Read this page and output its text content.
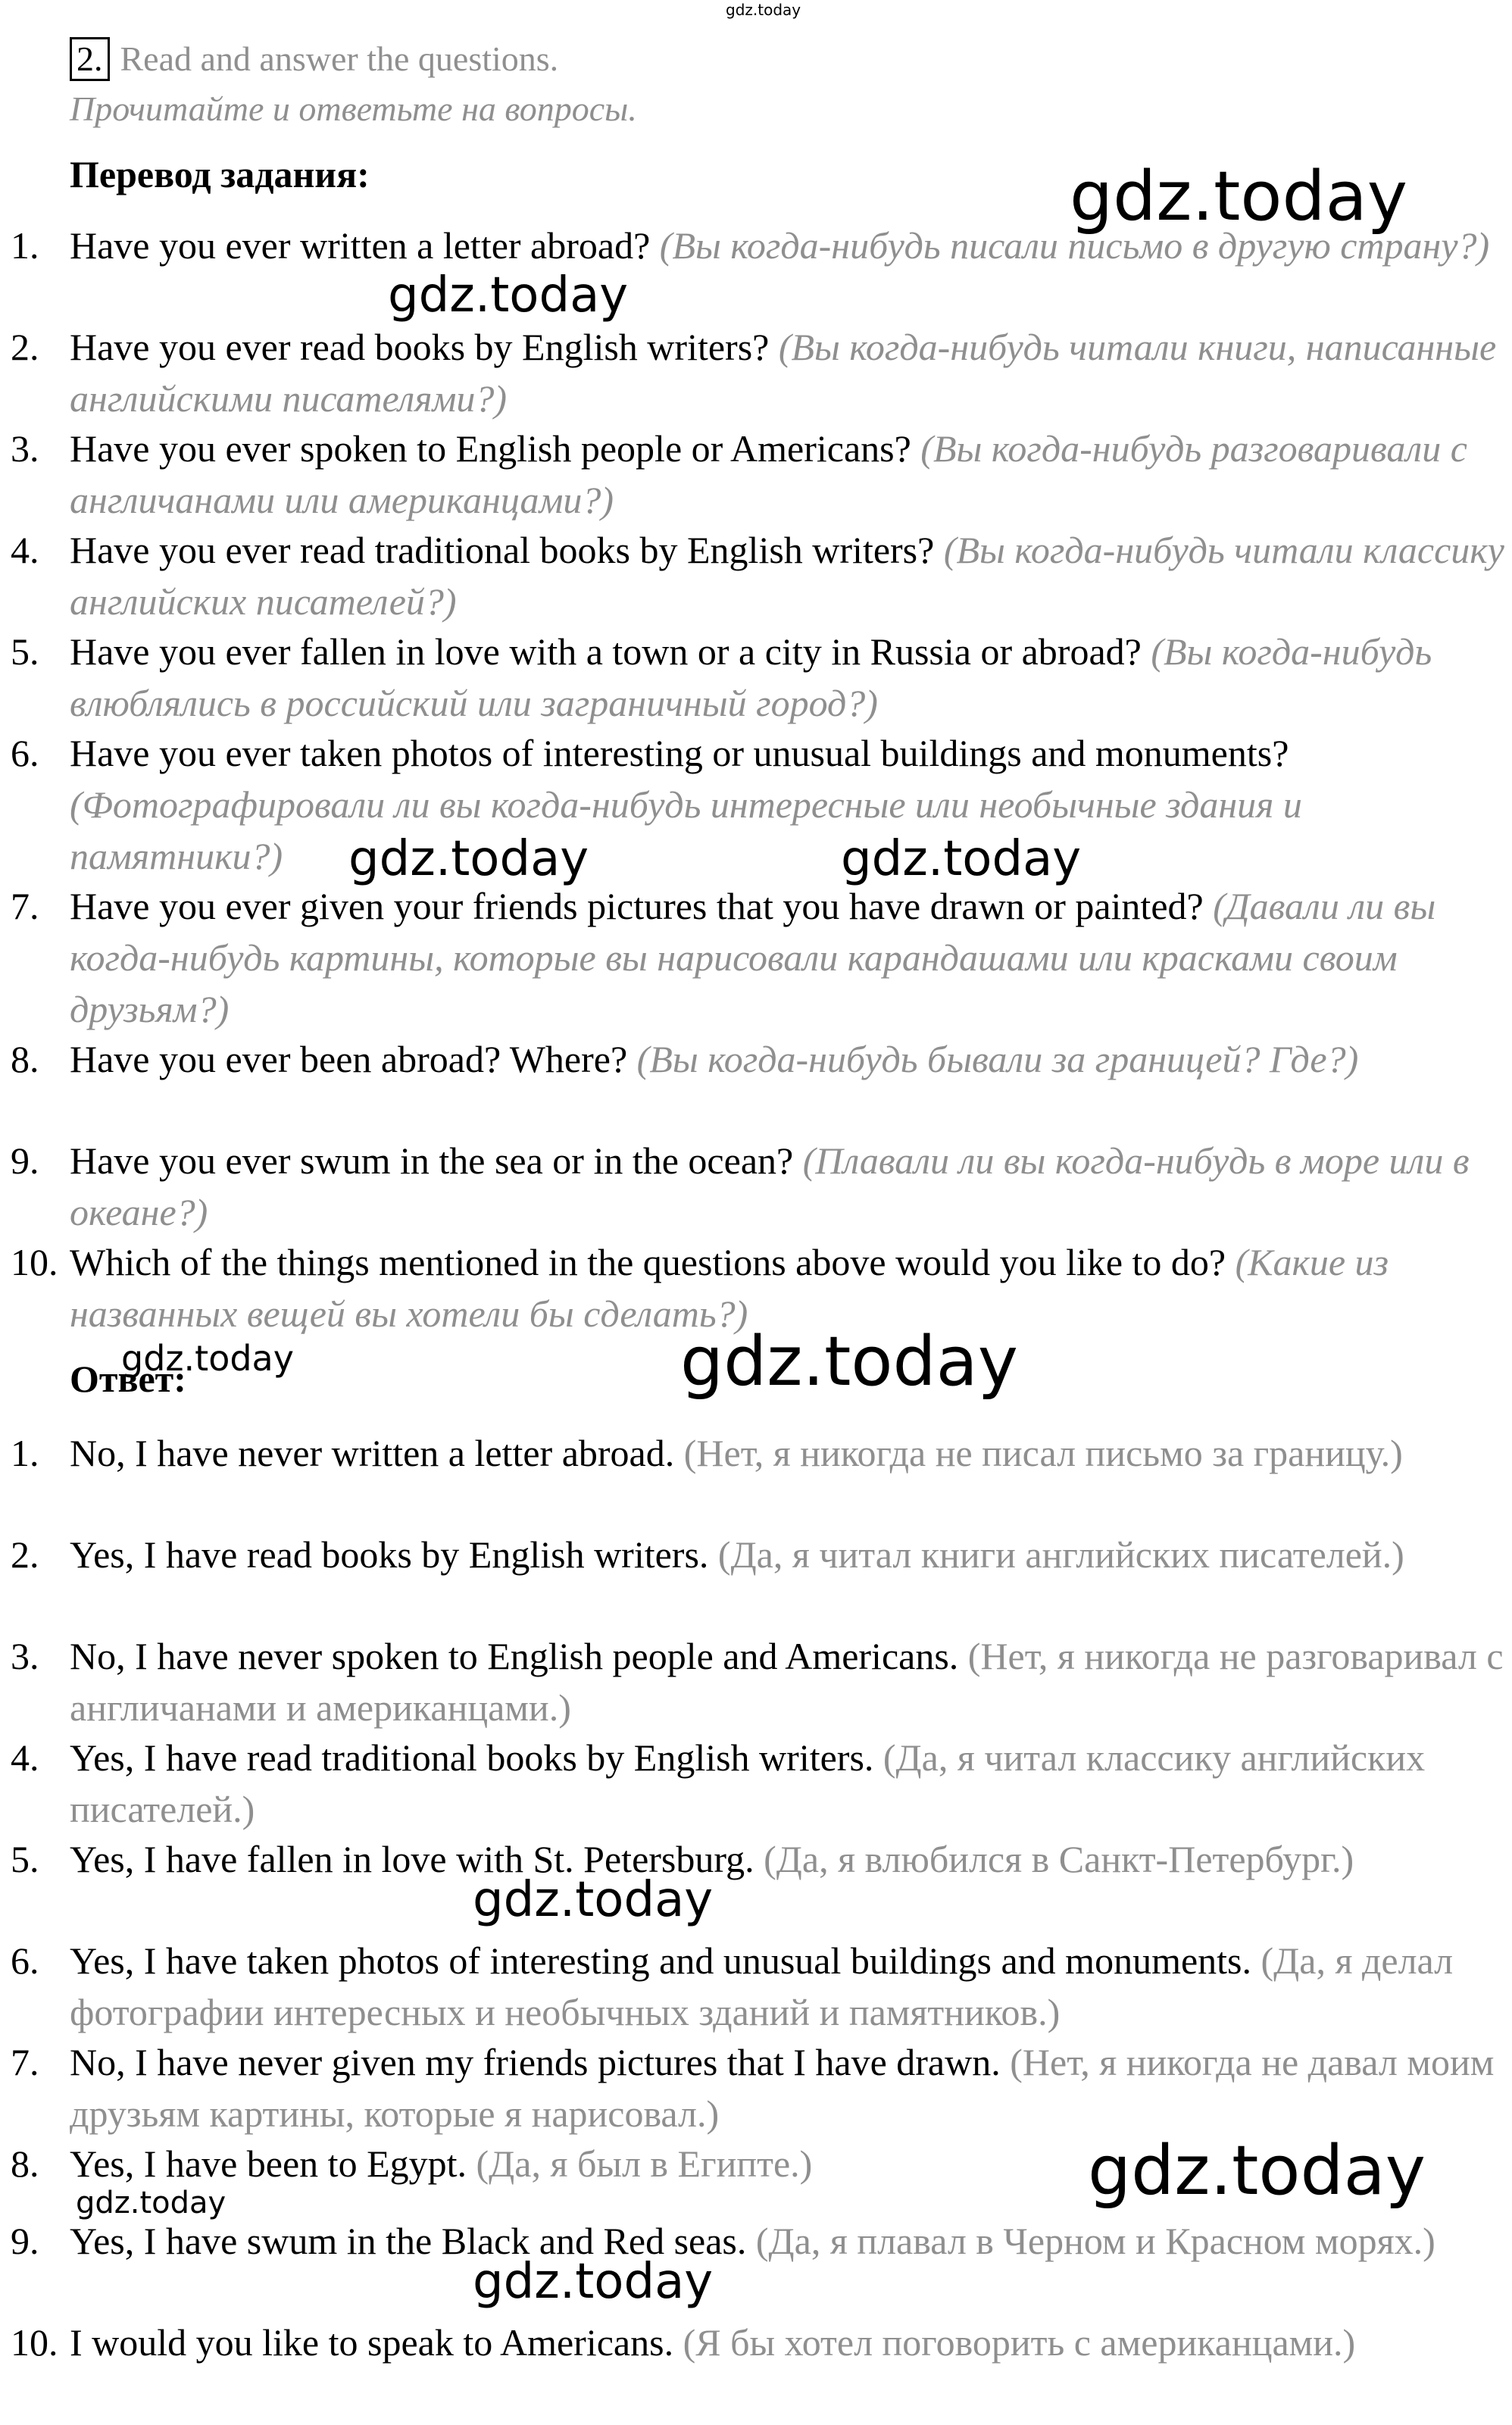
2. Read and answer the questions.
Прочитайте и ответьте на вопросы.
Перевод задания:
1. Have you ever written a letter abroad? (Вы когда-нибудь писали письмо в другую страну?)
2. Have you ever read books by English writers? (Вы когда-нибудь читали книги, написанные английскими писателями?)
3. Have you ever spoken to English people or Americans? (Вы когда-нибудь разговаривали с англичанами или американцами?)
4. Have you ever read traditional books by English writers? (Вы когда-нибудь читали классику английских писателей?)
5. Have you ever fallen in love with a town or a city in Russia or abroad? (Вы когда-нибудь влюблялись в российский или заграничный город?)
6. Have you ever taken photos of interesting or unusual buildings and monuments? (Фотографировали ли вы когда-нибудь интересные или необычные здания и памятники?)
7. Have you ever given your friends pictures that you have drawn or painted? (Давали ли вы когда-нибудь картины, которые вы нарисовали карандашами или красками своим друзьям?)
8. Have you ever been abroad? Where? (Вы когда-нибудь бывали за границей? Где?)
9. Have you ever swum in the sea or in the ocean? (Плавали ли вы когда-нибудь в море или в океане?)
10. Which of the things mentioned in the questions above would you like to do? (Какие из названных вещей вы хотели бы сделать?)
Ответ:
1. No, I have never written a letter abroad. (Нет, я никогда не писал письмо за границу.)
2. Yes, I have read books by English writers. (Да, я читал книги английских писателей.)
3. No, I have never spoken to English people and Americans. (Нет, я никогда не разговаривал с англичанами и американцами.)
4. Yes, I have read traditional books by English writers. (Да, я читал классику английских писателей.)
5. Yes, I have fallen in love with St. Petersburg. (Да, я влюбился в Санкт-Петербург.)
6. Yes, I have taken photos of interesting and unusual buildings and monuments. (Да, я делал фотографии интересных и необычных зданий и памятников.)
7. No, I have never given my friends pictures that I have drawn. (Нет, я никогда не давал моим друзьям картины, которые я нарисовал.)
8. Yes, I have been to Egypt. (Да, я был в Египте.)
9. Yes, I have swum in the Black and Red seas. (Да, я плавал в Черном и Красном морях.)
10. I would you like to speak to Americans. (Я бы хотел поговорить с американцами.)
gdz.today
gdz.today
gdz.today
gdz.today	gdz.today
gdz.today
gdz.today
gdz.today
gdz.today
gdz.today
gdz.today
